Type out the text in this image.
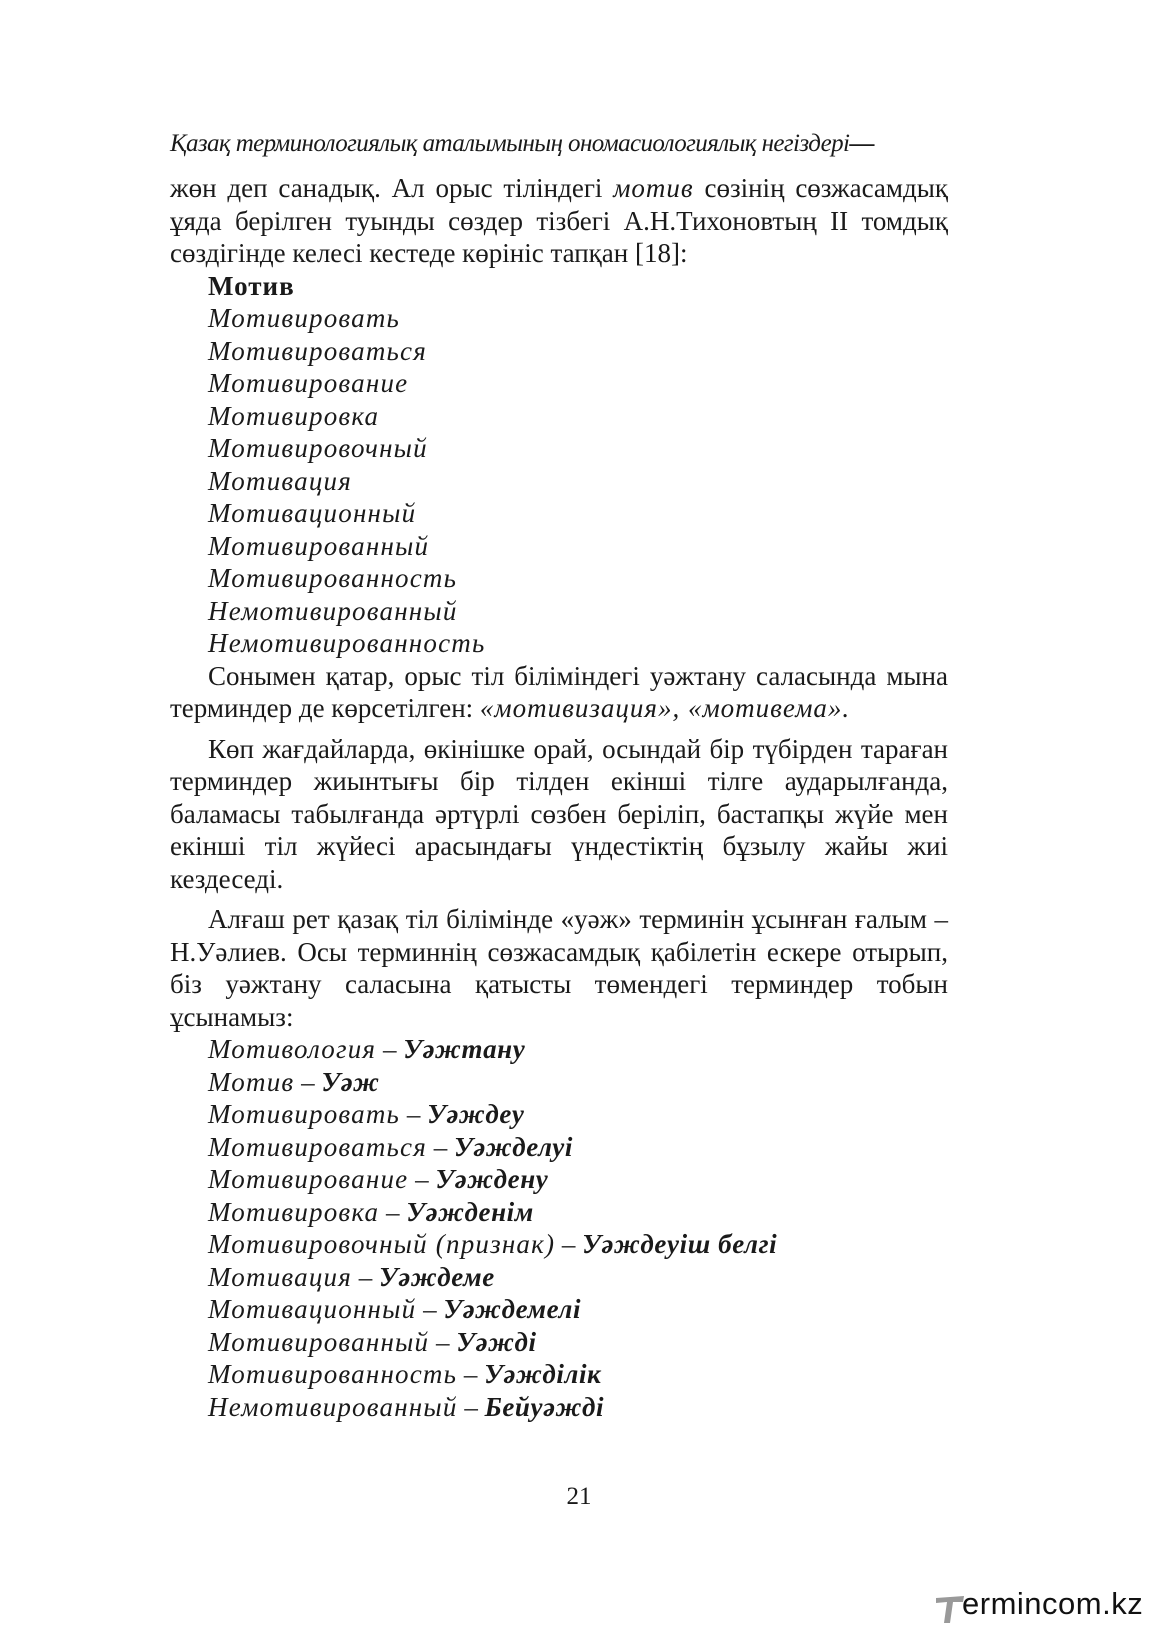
Қазақ терминологиялық аталымының ономасиологиялық негіздері—

жөн деп санадық. Ал орыс тіліндегі мотив сөзінің сөзжасамдық ұяда берілген туынды сөздер тізбегі А.Н.Тихоновтың ІІ томдық сөздігінде келесі кестеде көрініс тапқан [18]:

Мотив
Мотивировать
Мотивироваться
Мотивирование
Мотивировка
Мотивировочный
Мотивация
Мотивационный
Мотивированный
Мотивированность
Немотивированный
Немотивированность

Сонымен қатар, орыс тіл біліміндегі уәжтану саласында мына терминдер де көрсетілген: «мотивизация», «мотивема».

Көп жағдайларда, өкінішке орай, осындай бір түбірден тараған терминдер жиынтығы бір тілден екінші тілге аударылғанда, баламасы табылғанда әртүрлі сөзбен беріліп, бастапқы жүйе мен екінші тіл жүйесі арасындағы үндестіктің бұзылу жайы жиі кездеседі.

Алғаш рет қазақ тіл білімінде «уәж» терминін ұсынған ғалым – Н.Уәлиев. Осы терминнің сөзжасамдық қабілетін ескере отырып, біз уәжтану саласына қатысты төмендегі терминдер тобын ұсынамыз:

Мотивология – Уәжтану
Мотив – Уәж
Мотивировать – Уәждеу
Мотивироваться – Уәжделуі
Мотивирование – Уәждену
Мотивировка – Уәжденім
Мотивировочный (признак) – Уәждеуіш белгі
Мотивация – Уәждеме
Мотивационный – Уәждемелі
Мотивированный – Уәжді
Мотивированность – Уәжділік
Немотивированный – Бейуәжді
21
ermincom.kz
